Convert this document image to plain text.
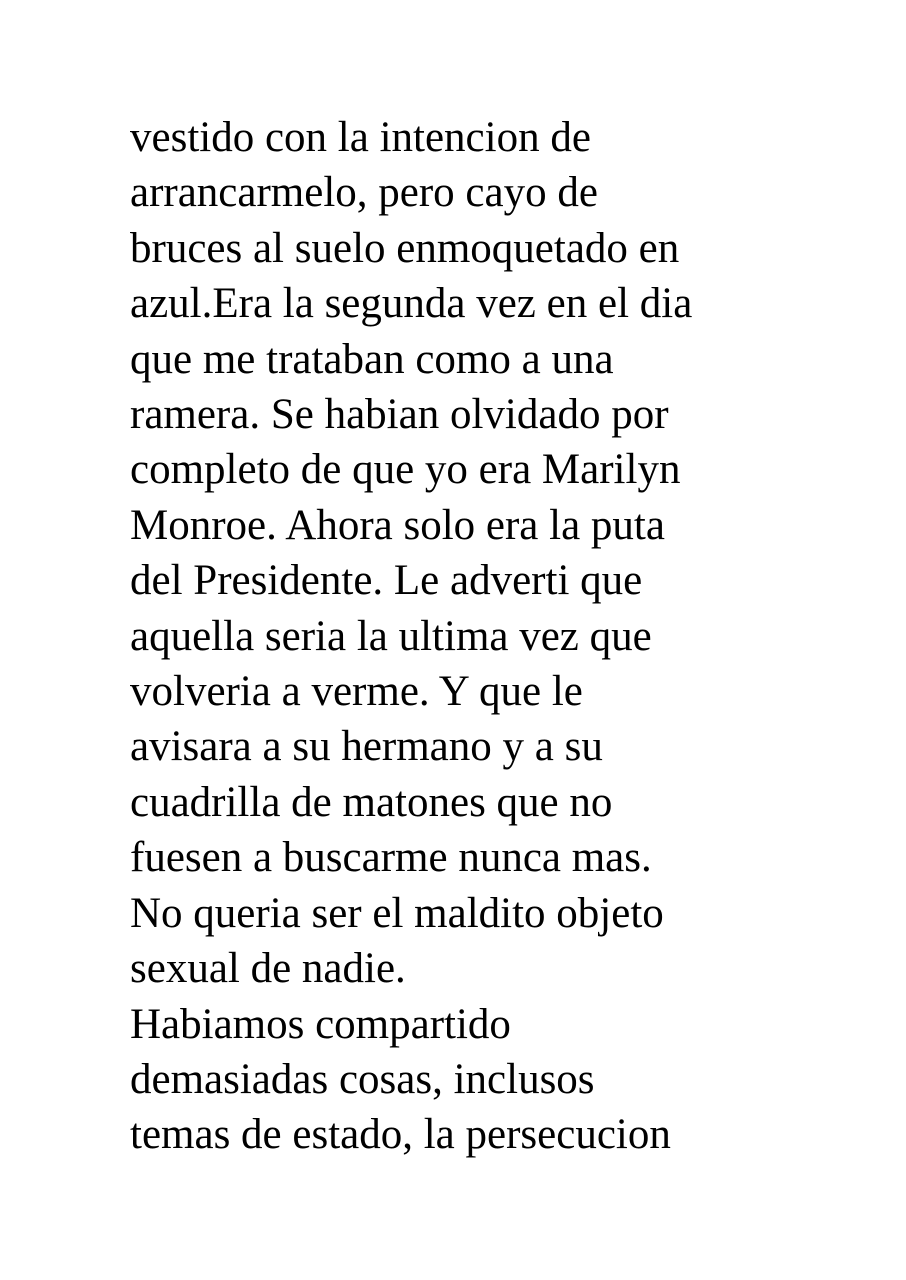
vestido con la intencion de
arrancarmelo, pero cayo de
bruces al suelo enmoquetado en
azul.Era la segunda vez en el dia
que me trataban como a una
ramera. Se habian olvidado por
completo de que yo era Marilyn
Monroe. Ahora solo era la puta
del Presidente. Le adverti que
aquella seria la ultima vez que
volveria a verme. Y que le
avisara a su hermano y a su
cuadrilla de matones que no
fuesen a buscarme nunca mas.
No queria ser el maldito objeto
sexual de nadie.
Habiamos compartido
demasiadas cosas, inclusos
temas de estado, la persecucion
